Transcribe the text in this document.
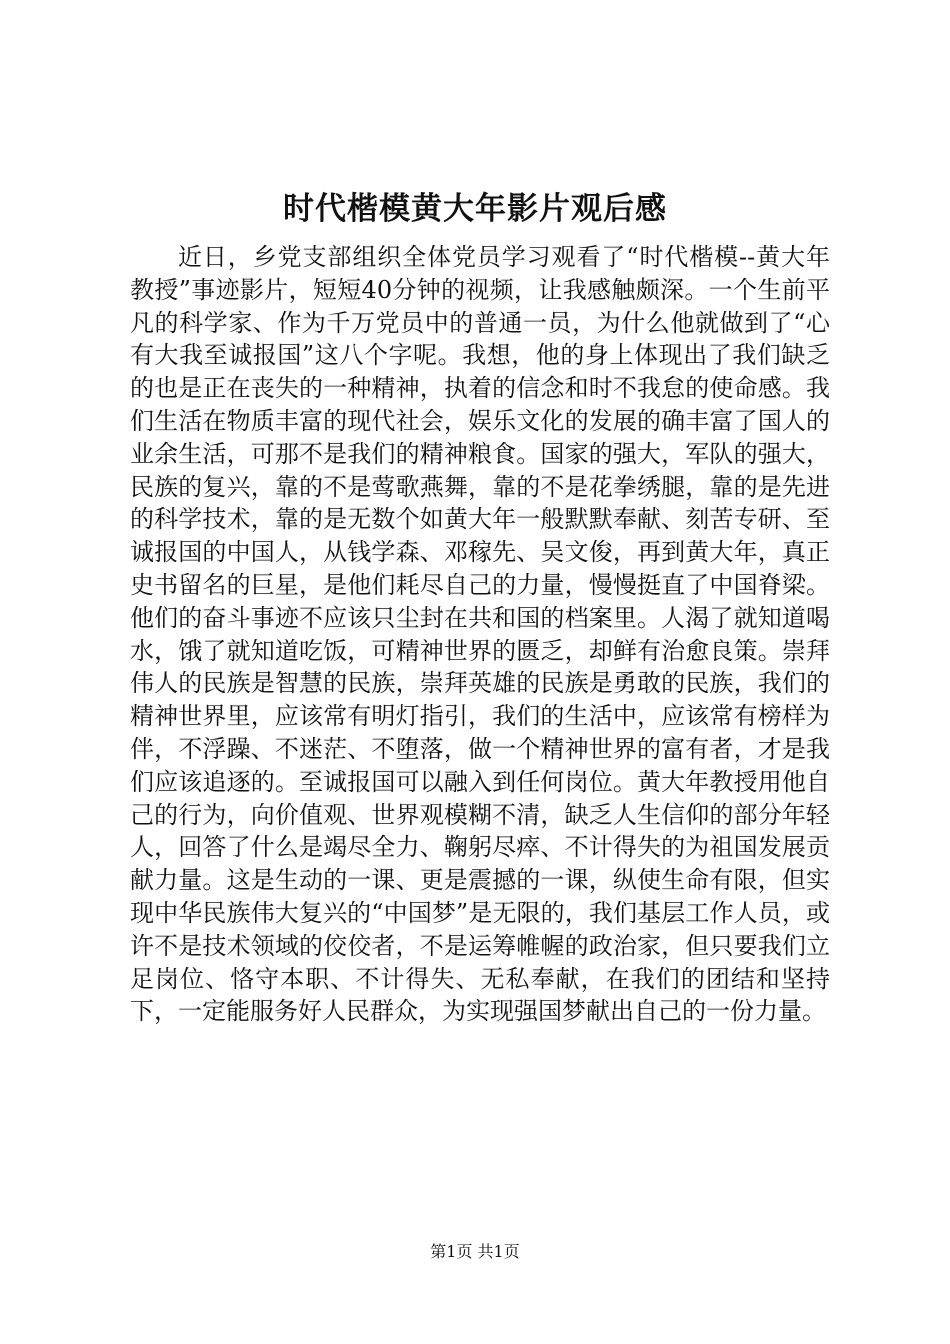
时代楷模黄大年影片观后感

近日，乡党支部组织全体党员学习观看了“时代楷模--黄大年教授”事迹影片，短短40分钟的视频，让我感触颇深。一个生前平凡的科学家、作为千万党员中的普通一员，为什么他就做到了“心有大我至诚报国”这八个字呢。我想，他的身上体现出了我们缺乏的也是正在丧失的一种精神，执着的信念和时不我怠的使命感。我们生活在物质丰富的现代社会，娱乐文化的发展的确丰富了国人的业余生活，可那不是我们的精神粮食。国家的强大，军队的强大，民族的复兴，靠的不是莺歌燕舞，靠的不是花拳绣腿，靠的是先进的科学技术，靠的是无数个如黄大年一般默默奉献、刻苦专研、至诚报国的中国人，从钱学森、邓稼先、吴文俊，再到黄大年，真正史书留名的巨星，是他们耗尽自己的力量，慢慢挺直了中国脊梁。他们的奋斗事迹不应该只尘封在共和国的档案里。人渴了就知道喝水，饿了就知道吃饭，可精神世界的匮乏，却鲜有治愈良策。崇拜伟人的民族是智慧的民族，崇拜英雄的民族是勇敢的民族，我们的精神世界里，应该常有明灯指引，我们的生活中，应该常有榜样为伴，不浮躁、不迷茫、不堕落，做一个精神世界的富有者，才是我们应该追逐的。至诚报国可以融入到任何岗位。黄大年教授用他自己的行为，向价值观、世界观模糊不清，缺乏人生信仰的部分年轻人，回答了什么是竭尽全力、鞠躬尽瘁、不计得失的为祖国发展贡献力量。这是生动的一课、更是震撼的一课，纵使生命有限，但实现中华民族伟大复兴的“中国梦”是无限的，我们基层工作人员，或许不是技术领域的佼佼者，不是运筹帷幄的政治家，但只要我们立足岗位、恪守本职、不计得失、无私奉献，在我们的团结和坚持下，一定能服务好人民群众，为实现强国梦献出自己的一份力量。

第1页 共1页
